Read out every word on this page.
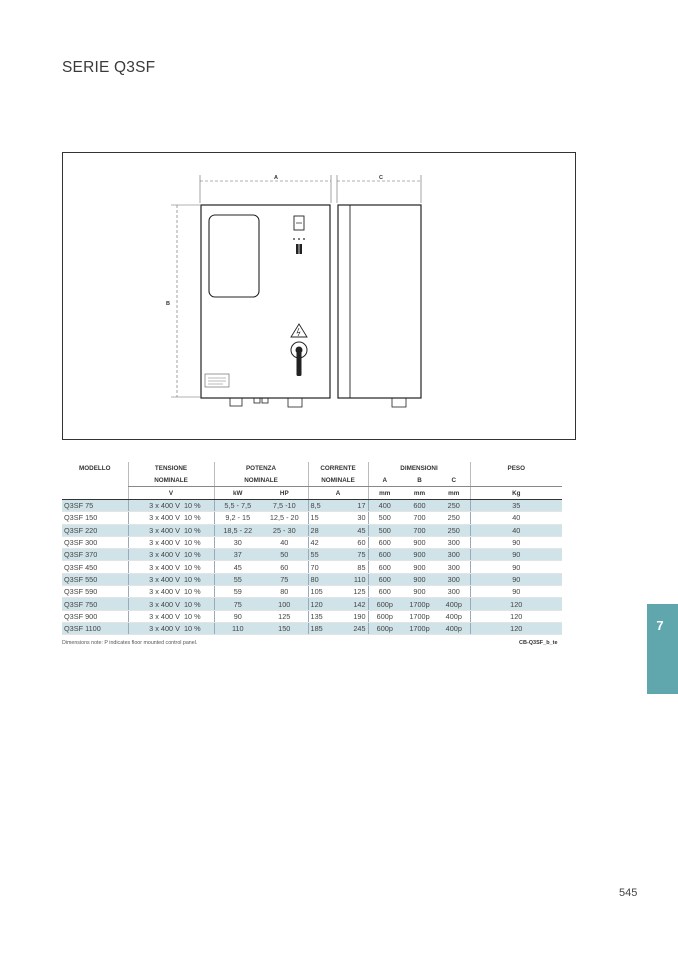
SERIE Q3SF
A	C
B
MODELLO	TENSIONE		POTENZA		CORRENTE		DIMENSIONI			PESO
	NOMINALE		NOMINALE		NOMINALE		A	B	C	
	V		kW	HP	A		mm	mm	mm	Kg
Q3SF 75	3 x 400 V	10 %	5,5 - 7,5	7,5 -10	8,5	17	400	600	250	35
Q3SF 150	3 x 400 V	10 %	9,2 - 15	12,5 - 20	15	30	500	700	250	40
Q3SF 220	3 x 400 V	10 %	18,5 - 22	25 - 30	28	45	500	700	250	40
Q3SF 300	3 x 400 V	10 %	30	40	42	60	600	900	300	90
Q3SF 370	3 x 400 V	10 %	37	50	55	75	600	900	300	90
Q3SF 450	3 x 400 V	10 %	45	60	70	85	600	900	300	90
Q3SF 550	3 x 400 V	10 %	55	75	80	110	600	900	300	90
Q3SF 590	3 x 400 V	10 %	59	80	105	125	600	900	300	90
Q3SF 750	3 x 400 V	10 %	75	100	120	142	600p	1700p	400p	120
Q3SF 900	3 x 400 V	10 %	90	125	135	190	600p	1700p	400p	120
Q3SF 1100	3 x 400 V	10 %	110	150	185	245	600p	1700p	400p	120
Dimensions note: P indicates floor mounted control panel.	CB-Q3SF_b_te
7
545
